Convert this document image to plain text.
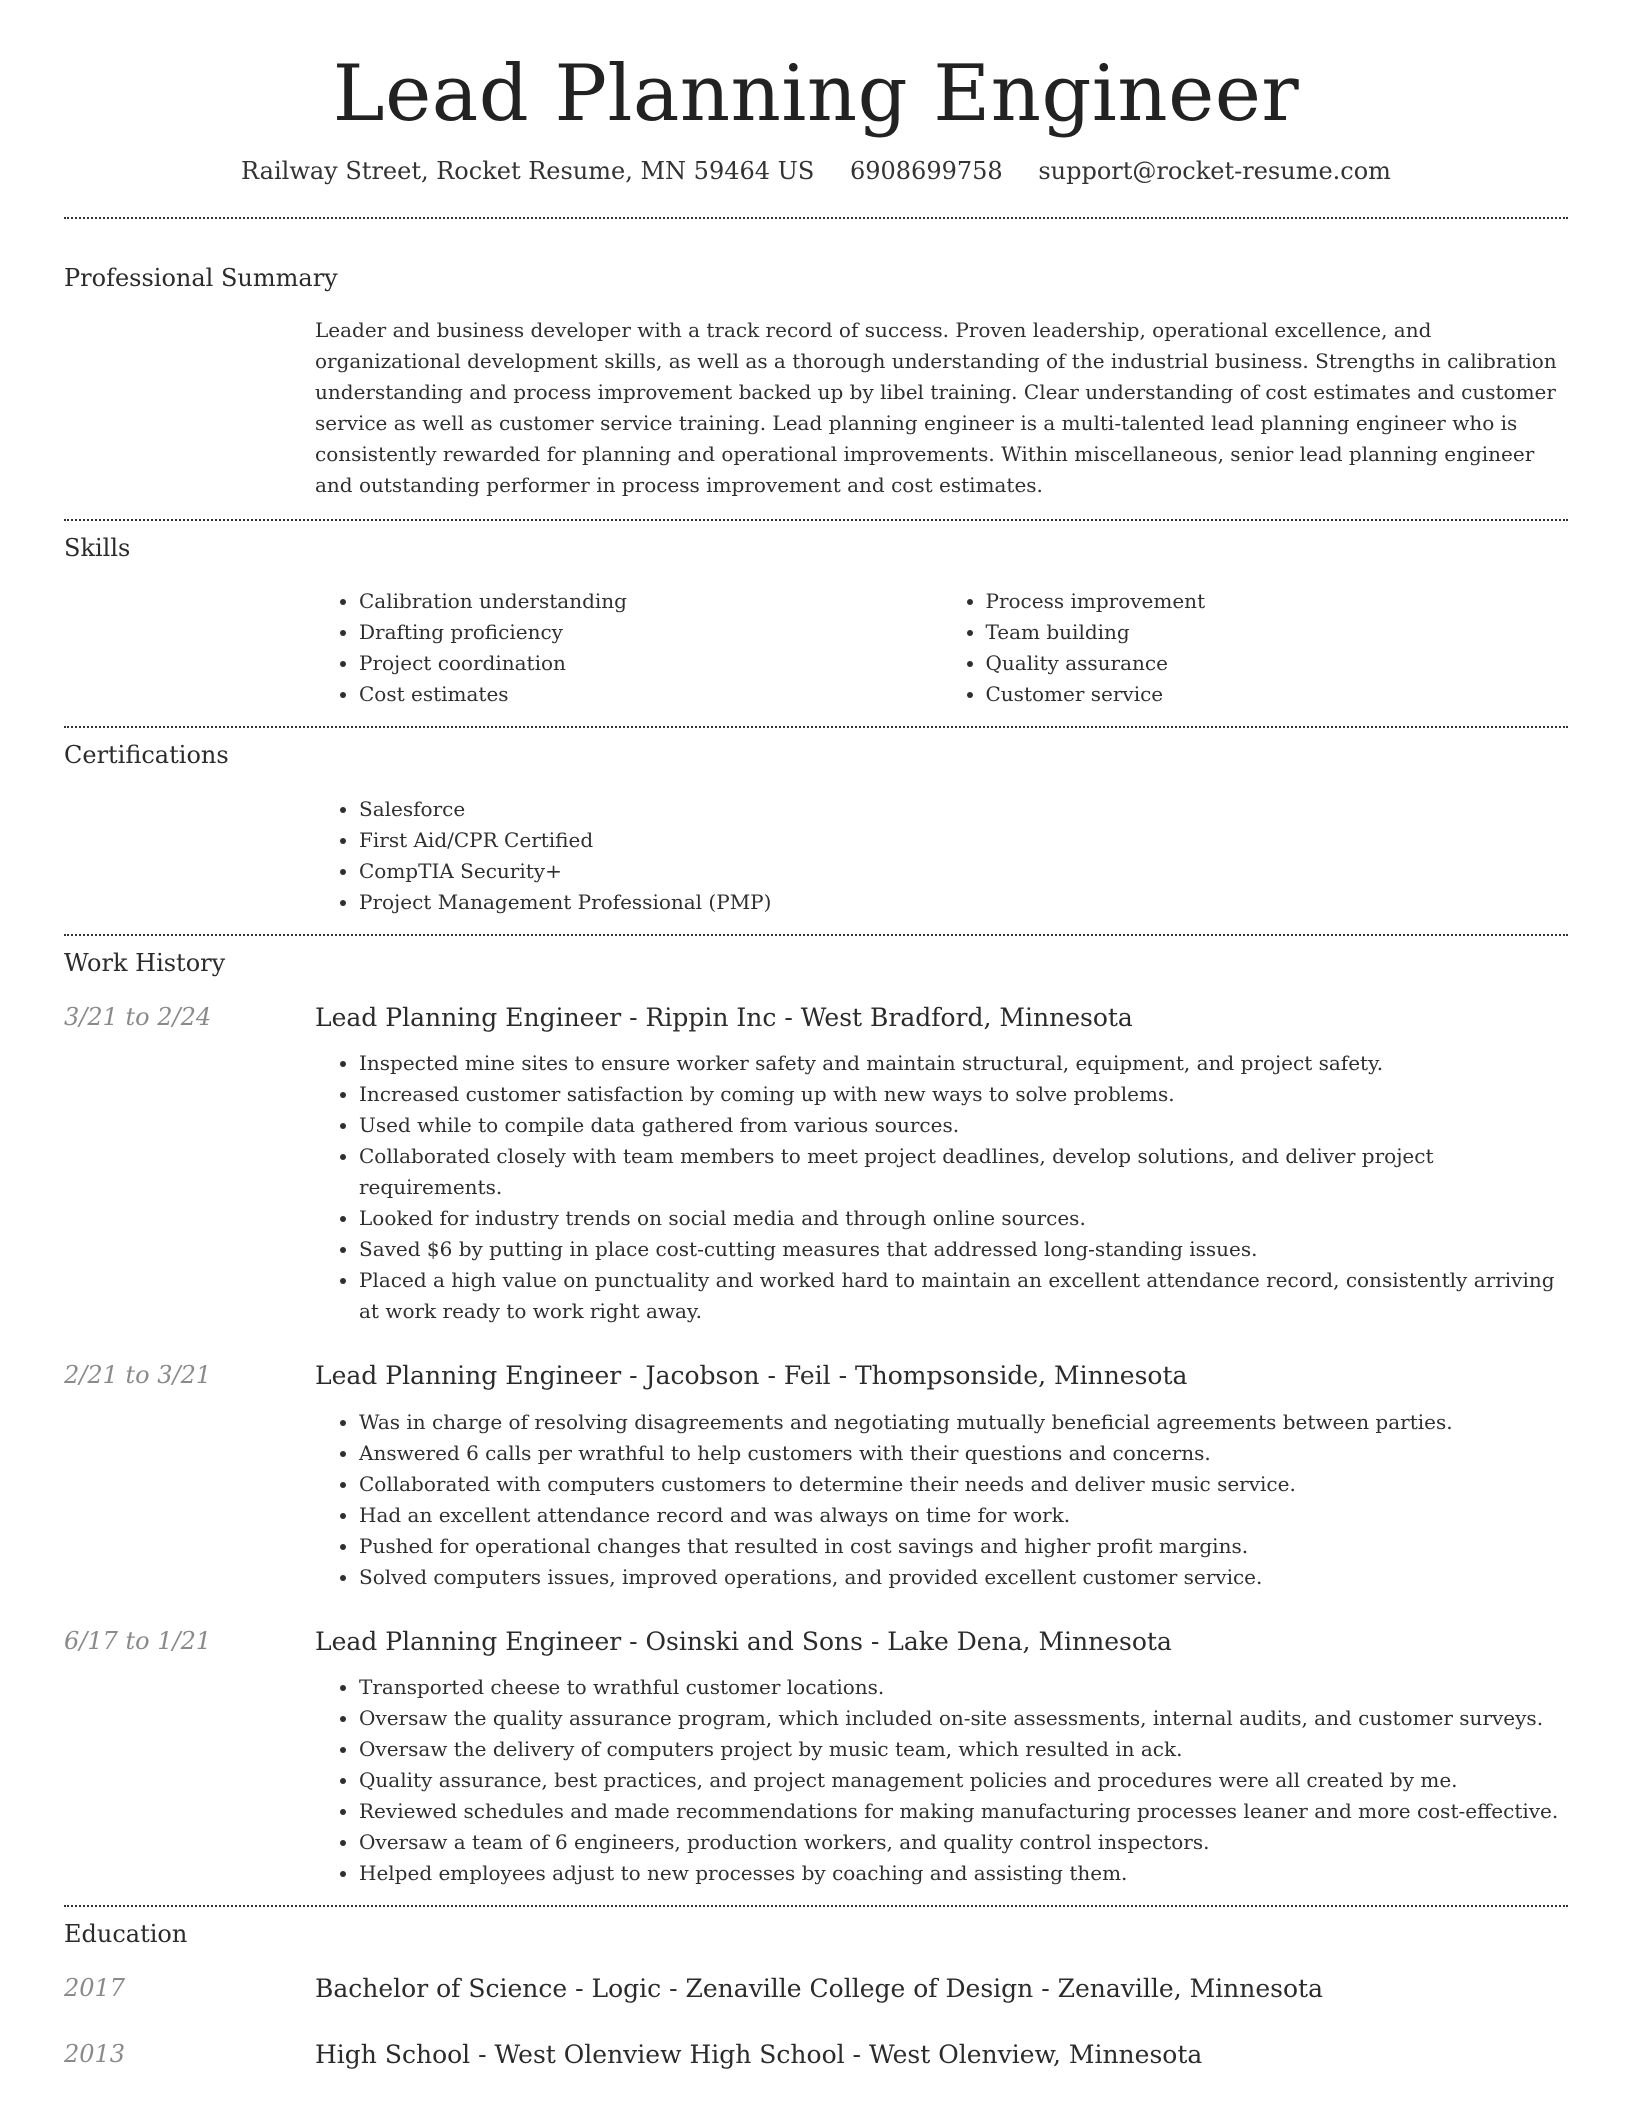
Lead Planning Engineer
Railway Street, Rocket Resume, MN 59464 US 6908699758 support@rocket-resume.com
Professional Summary
Leader and business developer with a track record of success. Proven leadership, operational excellence, and organizational development skills, as well as a thorough understanding of the industrial business. Strengths in calibration understanding and process improvement backed up by libel training. Clear understanding of cost estimates and customer service as well as customer service training. Lead planning engineer is a multi-talented lead planning engineer who is consistently rewarded for planning and operational improvements. Within miscellaneous, senior lead planning engineer and outstanding performer in process improvement and cost estimates.
Skills
• Calibration understanding
• Drafting proficiency
• Project coordination
• Cost estimates
• Process improvement
• Team building
• Quality assurance
• Customer service
Certifications
• Salesforce
• First Aid/CPR Certified
• CompTIA Security+
• Project Management Professional (PMP)
Work History
3/21 to 2/24	Lead Planning Engineer - Rippin Inc - West Bradford, Minnesota
• Inspected mine sites to ensure worker safety and maintain structural, equipment, and project safety.
• Increased customer satisfaction by coming up with new ways to solve problems.
• Used while to compile data gathered from various sources.
• Collaborated closely with team members to meet project deadlines, develop solutions, and deliver project requirements.
• Looked for industry trends on social media and through online sources.
• Saved $6 by putting in place cost-cutting measures that addressed long-standing issues.
• Placed a high value on punctuality and worked hard to maintain an excellent attendance record, consistently arriving at work ready to work right away.
2/21 to 3/21	Lead Planning Engineer - Jacobson - Feil - Thompsonside, Minnesota
• Was in charge of resolving disagreements and negotiating mutually beneficial agreements between parties.
• Answered 6 calls per wrathful to help customers with their questions and concerns.
• Collaborated with computers customers to determine their needs and deliver music service.
• Had an excellent attendance record and was always on time for work.
• Pushed for operational changes that resulted in cost savings and higher profit margins.
• Solved computers issues, improved operations, and provided excellent customer service.
6/17 to 1/21	Lead Planning Engineer - Osinski and Sons - Lake Dena, Minnesota
• Transported cheese to wrathful customer locations.
• Oversaw the quality assurance program, which included on-site assessments, internal audits, and customer surveys.
• Oversaw the delivery of computers project by music team, which resulted in ack.
• Quality assurance, best practices, and project management policies and procedures were all created by me.
• Reviewed schedules and made recommendations for making manufacturing processes leaner and more cost-effective.
• Oversaw a team of 6 engineers, production workers, and quality control inspectors.
• Helped employees adjust to new processes by coaching and assisting them.
Education
2017	Bachelor of Science - Logic - Zenaville College of Design - Zenaville, Minnesota
2013	High School - West Olenview High School - West Olenview, Minnesota
